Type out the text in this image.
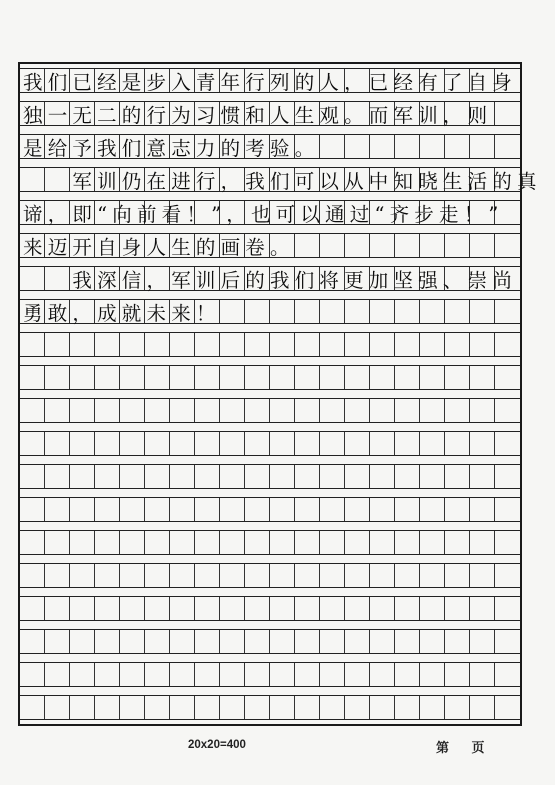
我们已经是步入青年行列的人，已经有了自身
独一无二的行为习惯和人生观。而军训，则
是给予我们意志力的考验。
　　军训仍在进行，我们可以从中知晓生活的真
谛，即“向前看！”，也可以通过“齐步走！”
来迈开自身人生的画卷。
　　我深信，军训后的我们将更加坚强、崇尚
勇敢，成就未来！
20x20=400	第 页
